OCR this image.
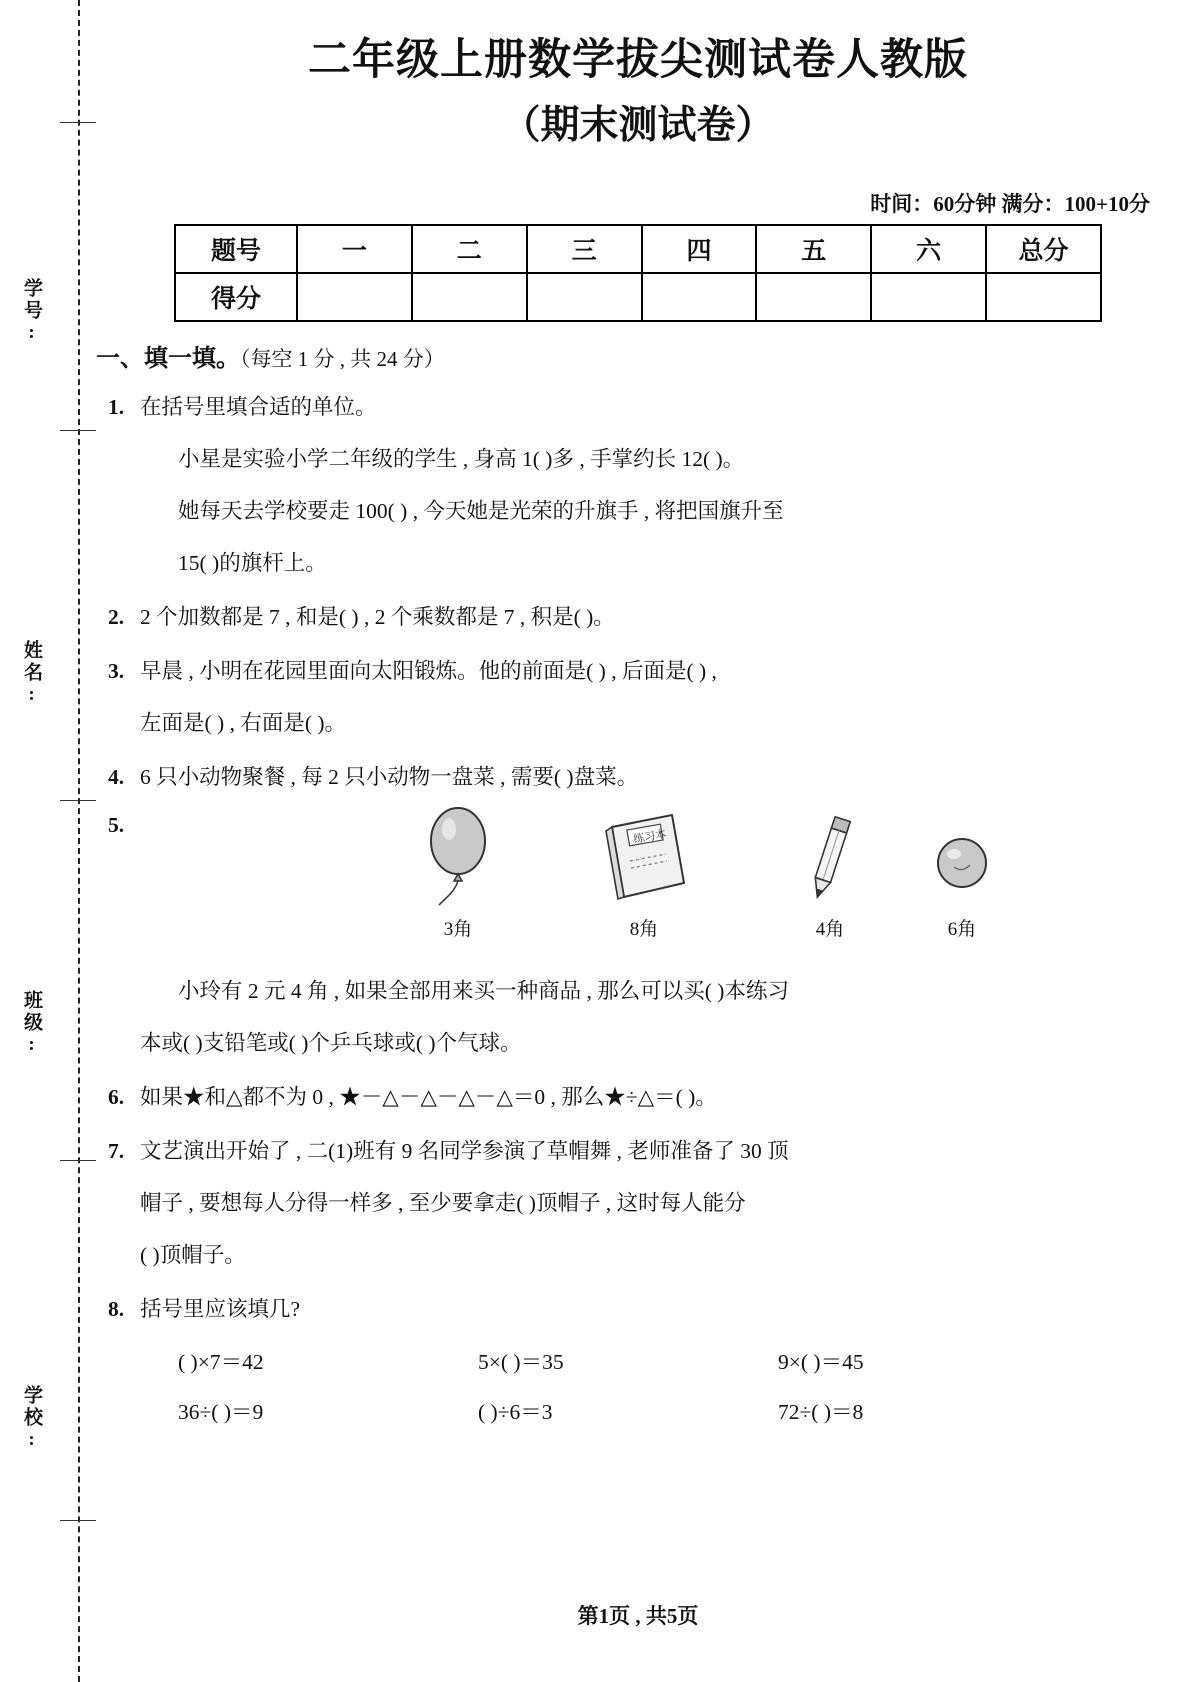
学号:
姓名:
班级:
学校:
二年级上册数学拔尖测试卷人教版
（期末测试卷）
时间：60分钟 满分：100+10分
题号	一	二	三	四	五	六	总分
得分							
一、填一填。（每空 1 分 , 共 24 分）
1. 在括号里填合适的单位。
小星是实验小学二年级的学生 , 身高 1( )多 , 手掌约长 12( )。
她每天去学校要走 100( ) , 今天她是光荣的升旗手 , 将把国旗升至
15( )的旗杆上。
2. 2 个加数都是 7 , 和是( ) , 2 个乘数都是 7 , 积是( )。
3. 早晨 , 小明在花园里面向太阳锻炼。他的前面是( ) , 后面是( ) ,
左面是( ) , 右面是( )。
4. 6 只小动物聚餐 , 每 2 只小动物一盘菜 , 需要( )盘菜。
5.
3角
练习本
8角	4角	6角
小玲有 2 元 4 角 , 如果全部用来买一种商品 , 那么可以买( )本练习
本或( )支铅笔或( )个乒乓球或( )个气球。
6. 如果★和△都不为 0 , ★－△－△－△－△＝0 , 那么★÷△＝( )。
7. 文艺演出开始了 , 二(1)班有 9 名同学参演了草帽舞 , 老师准备了 30 顶
帽子 , 要想每人分得一样多 , 至少要拿走( )顶帽子 , 这时每人能分
( )顶帽子。
8. 括号里应该填几?
( )×7＝42	5×( )＝35	9×( )＝45
36÷( )＝9	( )÷6＝3	72÷( )＝8
第1页 , 共5页
